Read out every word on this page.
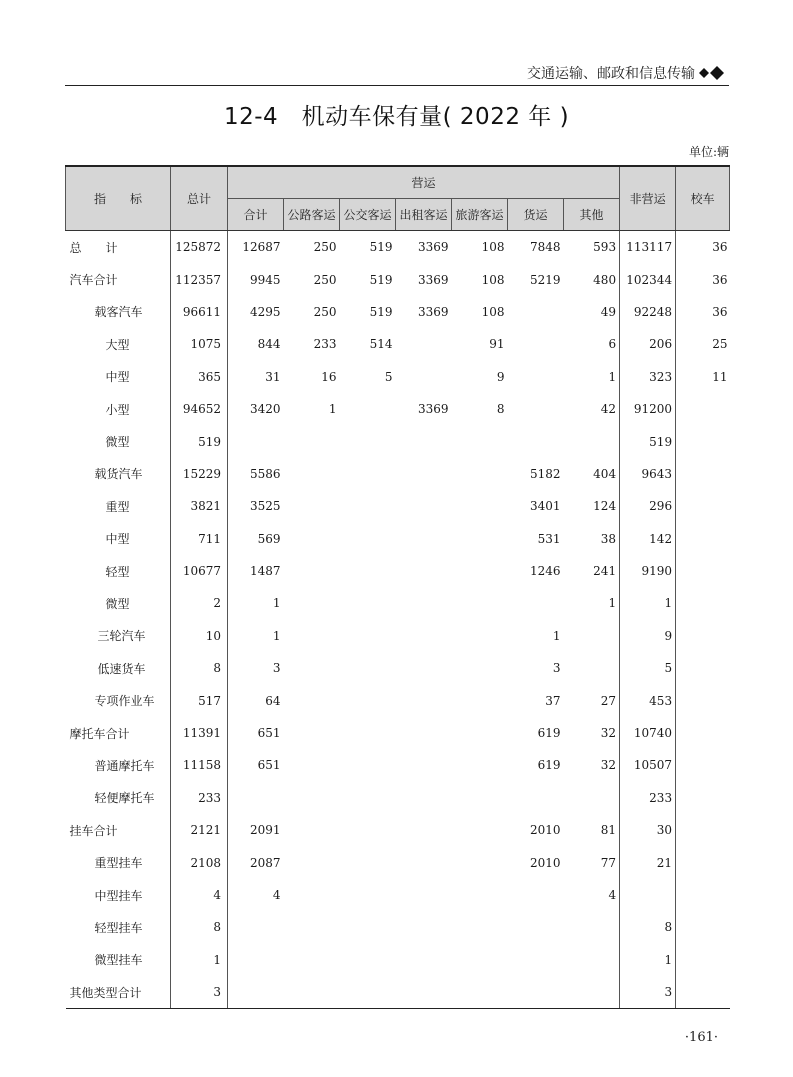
交通运输、邮政和信息传输
12-4　机动车保有量( 2022 年 )
单位:辆
指　　标	总计	营运							非营运	校车
		合计	公路客运	公交客运	出租客运	旅游客运	货运	其他		
总　　计	125872	12687	250	519	3369	108	7848	593	113117	36
汽车合计	112357	9945	250	519	3369	108	5219	480	102344	36
载客汽车	96611	4295	250	519	3369	108		49	92248	36
大型	1075	844	233	514		91		6	206	25
中型	365	31	16	5		9		1	323	11
小型	94652	3420	1		3369	8		42	91200	
微型	519								519	
载货汽车	15229	5586					5182	404	9643	
重型	3821	3525					3401	124	296	
中型	711	569					531	38	142	
轻型	10677	1487					1246	241	9190	
微型	2	1						1	1	
三轮汽车	10	1					1		9	
低速货车	8	3					3		5	
专项作业车	517	64					37	27	453	
摩托车合计	11391	651					619	32	10740	
普通摩托车	11158	651					619	32	10507	
轻便摩托车	233								233	
挂车合计	2121	2091					2010	81	30	
重型挂车	2108	2087					2010	77	21	
中型挂车	4	4						4		
轻型挂车	8								8	
微型挂车	1								1	
其他类型合计	3								3	
·161·
